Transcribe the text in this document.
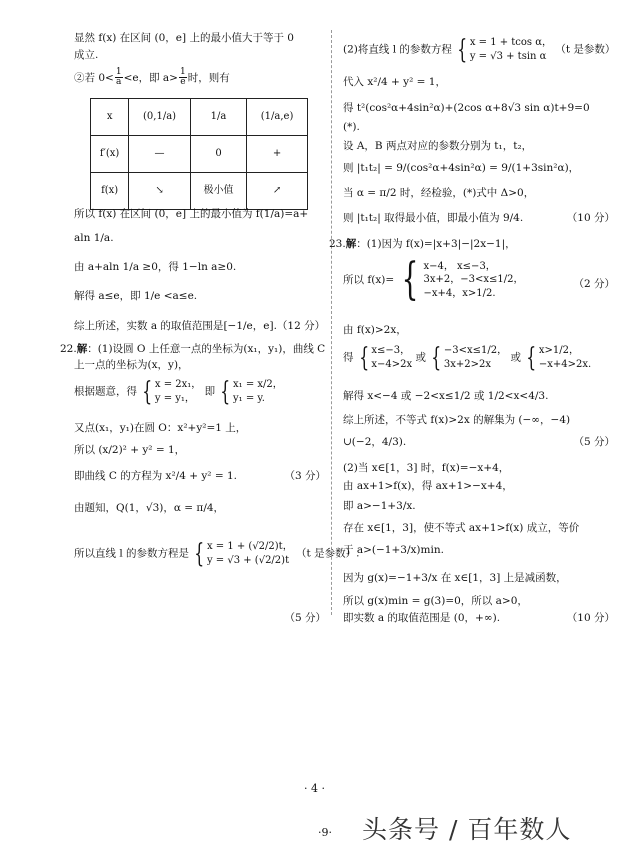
显然 f(x) 在区间 (0，e] 上的最小值大于等于 0
成立.
②若 $0< \frac{1}{a} <e$，即 $a> \frac{1}{e}$ 时，则有
x	(0,1/a)	1/a	(1/a,e)
f′(x)	—	0	+
f(x)	↘	极小值	↗
所以 f(x) 在区间 (0，e] 上的最小值为 f(1/a)=a+
aln 1/a.
由 a+aln 1/a ≥0，得 1−ln a≥0.
解得 a≤e，即 1/e <a≤e.
综上所述，实数 a 的取值范围是[−1/e，e].（12 分）
22.解：(1)设圆 O 上任意一点的坐标为(x₁，y₁)，曲线 C
上一点的坐标为(x，y)，
根据题意，得 { x = 2x₁，
y = y₁，
即 { x₁ = x/2，
y₁ = y.
又点(x₁，y₁)在圆 O：x²+y²=1 上，
所以 (x/2)² + y² = 1，
即曲线 C 的方程为 x²/4 + y² = 1.	（3 分）
由题知，Q(1，√3)，α = π/4，
所以直线 l 的参数方程是 { x = 1 + (√2/2)t，
y = √3 + (√2/2)t
（t 是参数）.
（5 分）
(2)将直线 l 的参数方程 { x = 1 + tcos α，
y = √3 + tsin α
（t 是参数）
代入 x²/4 + y² = 1，
得 t²(cos²α+4sin²α)+(2cos α+8√3 sin α)t+9=0
(*).
设 A，B 两点对应的参数分别为 t₁，t₂，
则 |t₁t₂| = 9/(cos²α+4sin²α) = 9/(1+3sin²α)，
当 α = π/2 时，经检验，(*)式中 Δ>0，
则 |t₁t₂| 取得最小值，即最小值为 9/4.	（10 分）
23.解：(1)因为 f(x)=|x+3|−|2x−1|，
所以 f(x)= { x−4， x≤−3，
3x+2，−3<x≤1/2，
−x+4，x>1/2.
（2 分）
由 f(x)>2x，
得 { x≤−3，
x−4>2x
或 { −3<x≤1/2，
3x+2>2x
或 { x>1/2，
−x+4>2x.
解得 x<−4 或 −2<x≤1/2 或 1/2<x<4/3.
综上所述，不等式 f(x)>2x 的解集为 (−∞，−4)
∪(−2，4/3).	（5 分）
(2)当 x∈[1，3] 时，f(x)=−x+4，
由 ax+1>f(x)，得 ax+1>−x+4，
即 a>−1+3/x.
存在 x∈[1，3]，使不等式 ax+1>f(x) 成立，等价
于 a>(−1+3/x)min.
因为 g(x)=−1+3/x 在 x∈[1，3] 上是减函数，
所以 g(x)min = g(3)=0，所以 a>0，
即实数 a 的取值范围是 (0，+∞).	（10 分）
· 4 ·
·9· 头条号 / 百年数人
